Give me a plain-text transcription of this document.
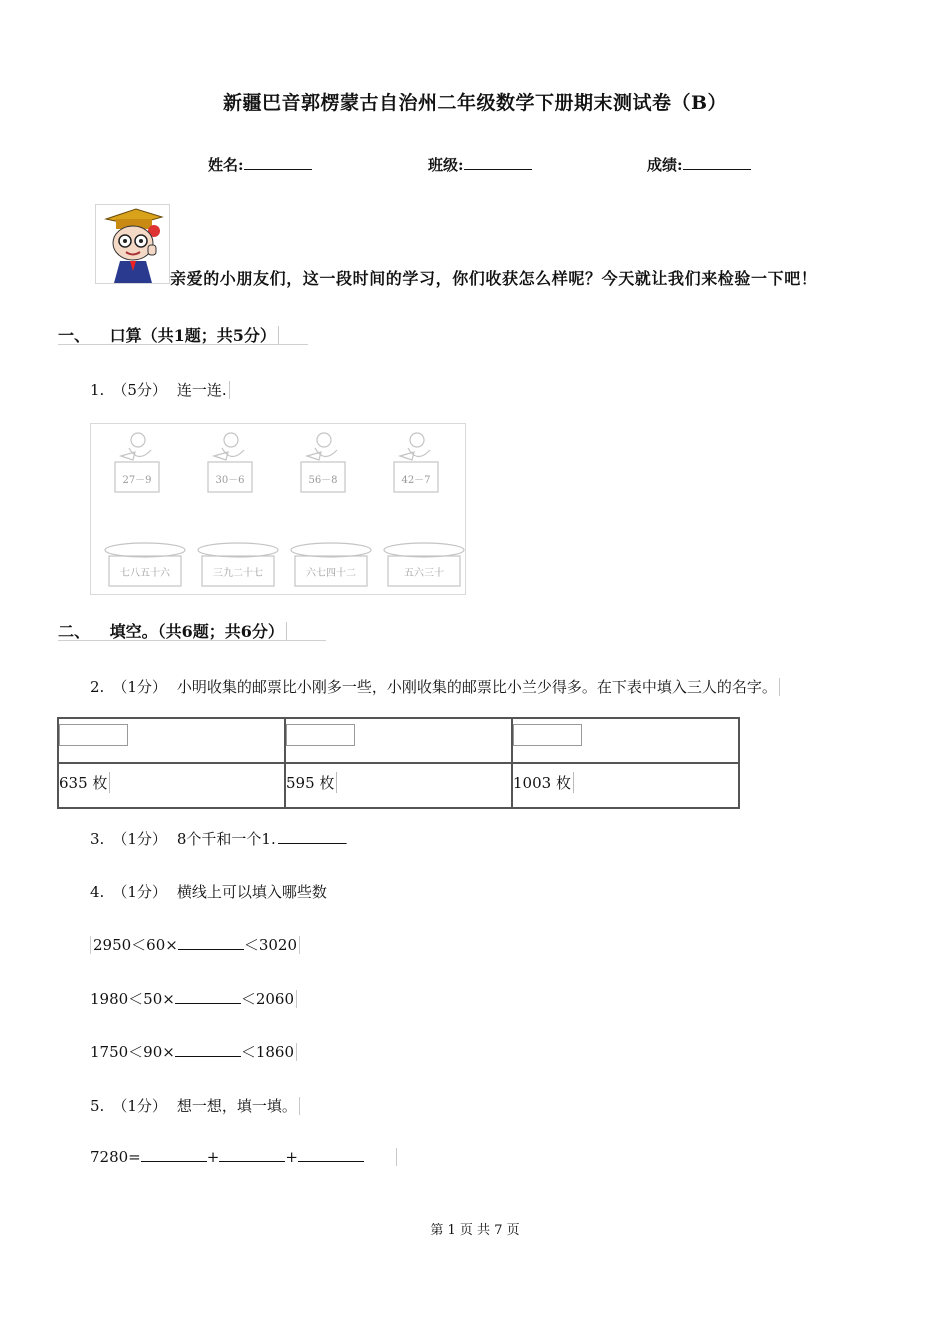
新疆巴音郭楞蒙古自治州二年级数学下册期末测试卷（B）
姓名:	班级:	成绩:
亲爱的小朋友们，这一段时间的学习，你们收获怎么样呢？今天就让我们来检验一下吧！
一、 口算（共1题；共5分）
1. （5分） 连一连.
27－9	30－6	56－8	42－7
七八五十六	三九二十七	六七四十二	五六三十
二、 填空。（共6题；共6分）
2. （1分） 小明收集的邮票比小刚多一些，小刚收集的邮票比小兰少得多。在下表中填入三人的名字。

635 枚	595 枚	1003 枚
3. （1分） 8个千和一个1.
4. （1分） 横线上可以填入哪些数
2950＜60×	＜3020
1980＜50×	＜2060
1750＜90×	＜1860
5. （1分） 想一想，填一填。
7280=	+	+
第 1 页 共 7 页
